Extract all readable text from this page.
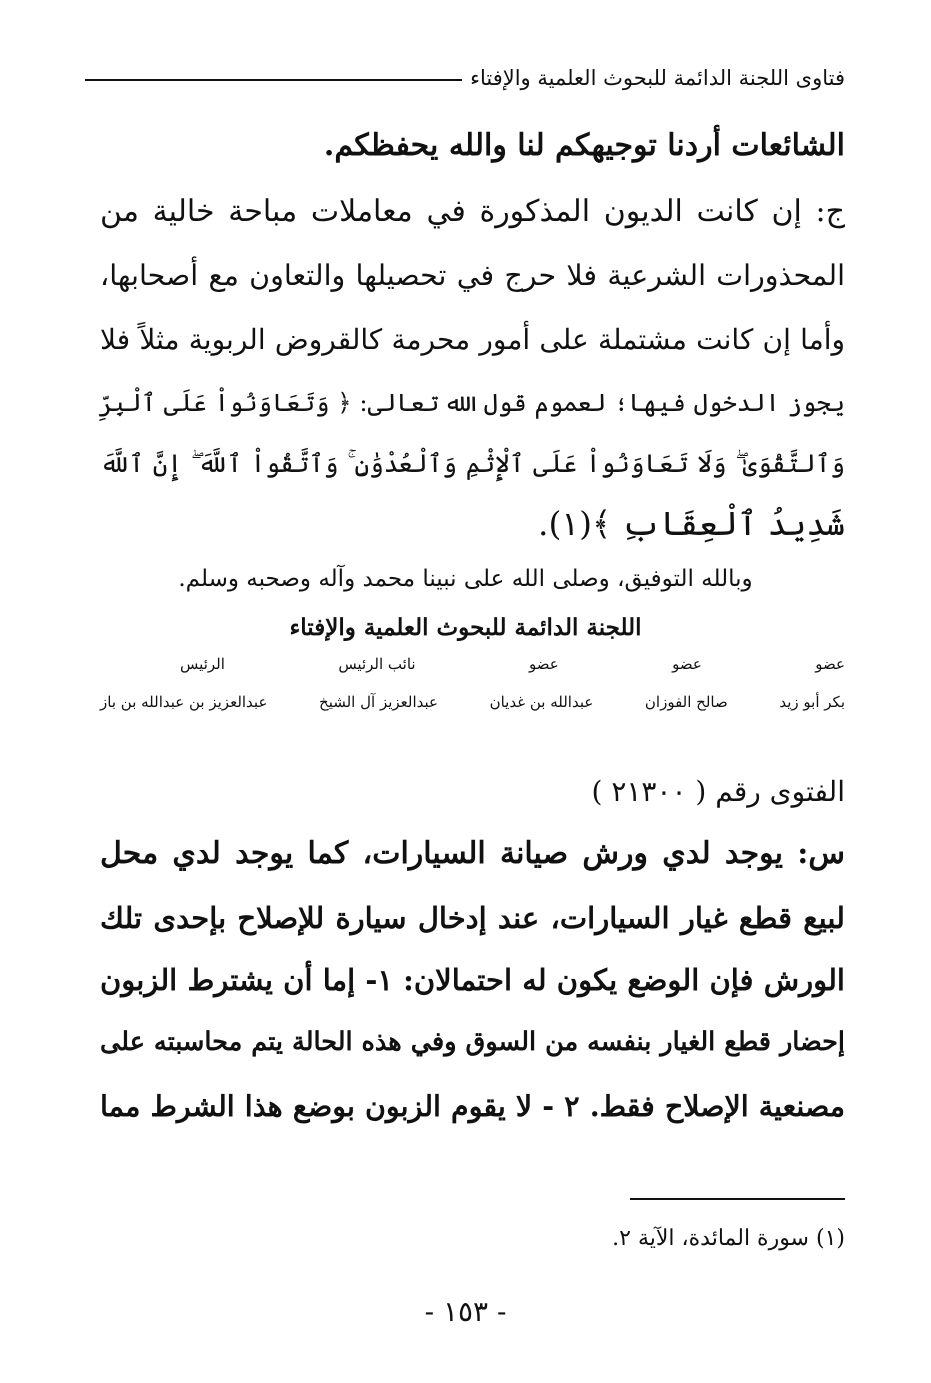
فتاوى اللجنة الدائمة للبحوث العلمية والإفتاء
الشائعات أردنا توجيهكم لنا والله يحفظكم.
ج: إن كانت الديون المذكورة في معاملات مباحة خالية من
المحذورات الشرعية فلا حرج في تحصيلها والتعاون مع أصحابها،
وأما إن كانت مشتملة على أمور محرمة كالقروض الربوية مثلاً فلا
يجوز الدخول فيها؛ لعموم قول الله تعالى: ﴿ وَتَعَاوَنُواْ عَلَى ٱلْبِرِّ
وَٱلتَّقْوَىٰ ۖ وَلَا تَعَاوَنُواْ عَلَى ٱلْإِثْمِ وَٱلْعُدْوَٰنِ ۚ وَٱتَّقُواْ ٱللَّهَ ۖ إِنَّ ٱللَّهَ
شَدِيدُ ٱلْعِقَابِ ﴾(١).
وبالله التوفيق، وصلى الله على نبينا محمد وآله وصحبه وسلم.
اللجنة الدائمة للبحوث العلمية والإفتاء
عضو
عضو
عضو
نائب الرئيس
الرئيس
بكر أبو زيد
صالح الفوزان
عبدالله بن غديان
عبدالعزيز آل الشيخ
عبدالعزيز بن عبدالله بن باز
الفتوى رقم ( ٢١٣٠٠ )
س: يوجد لدي ورش صيانة السيارات، كما يوجد لدي محل
لبيع قطع غيار السيارات، عند إدخال سيارة للإصلاح بإحدى تلك
الورش فإن الوضع يكون له احتمالان: ١- إما أن يشترط الزبون
إحضار قطع الغيار بنفسه من السوق وفي هذه الحالة يتم محاسبته على
مصنعية الإصلاح فقط. ٢ - لا يقوم الزبون بوضع هذا الشرط مما
(١) سورة المائدة، الآية ٢.
- ١٥٣ -
